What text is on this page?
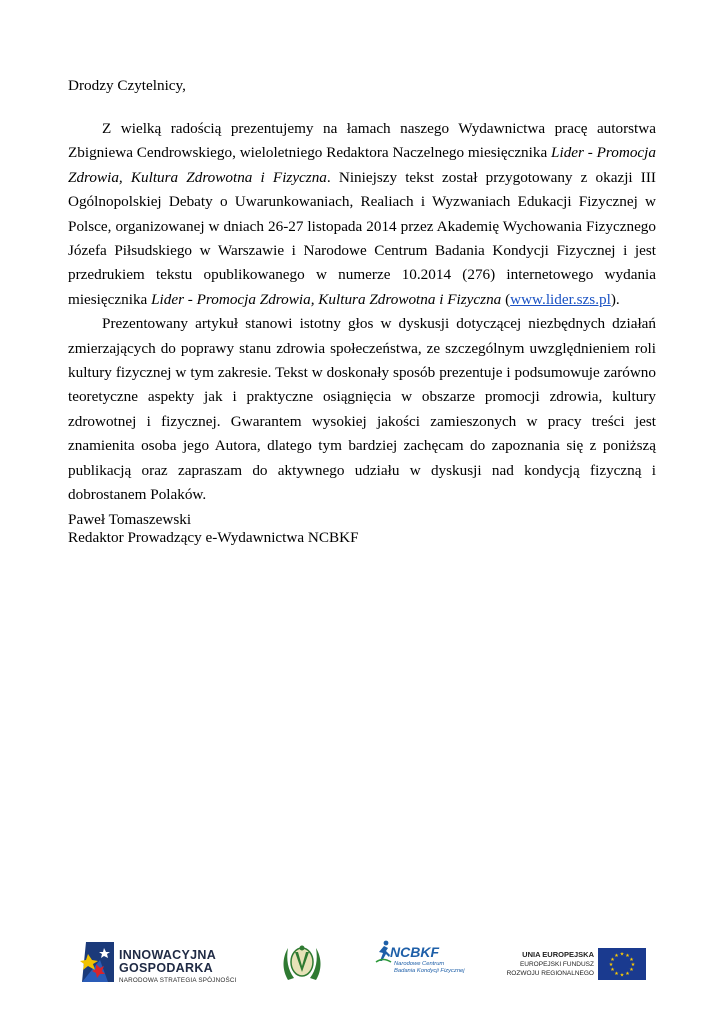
Drodzy Czytelnicy,

Z wielką radością prezentujemy na łamach naszego Wydawnictwa pracę autorstwa Zbigniewa Cendrowskiego, wieloletniego Redaktora Naczelnego miesięcznika Lider - Promocja Zdrowia, Kultura Zdrowotna i Fizyczna. Niniejszy tekst został przygotowany z okazji III Ogólnopolskiej Debaty o Uwarunkowaniach, Realiach i Wyzwaniach Edukacji Fizycznej w Polsce, organizowanej w dniach 26-27 listopada 2014 przez Akademię Wychowania Fizycznego Józefa Piłsudskiego w Warszawie i Narodowe Centrum Badania Kondycji Fizycznej i jest przedrukiem tekstu opublikowanego w numerze 10.2014 (276) internetowego wydania miesięcznika Lider - Promocja Zdrowia, Kultura Zdrowotna i Fizyczna (www.lider.szs.pl).

Prezentowany artykuł stanowi istotny głos w dyskusji dotyczącej niezbędnych działań zmierzających do poprawy stanu zdrowia społeczeństwa, ze szczególnym uwzględnieniem roli kultury fizycznej w tym zakresie. Tekst w doskonały sposób prezentuje i podsumowuje zarówno teoretyczne aspekty jak i praktyczne osiągnięcia w obszarze promocji zdrowia, kultury zdrowotnej i fizycznej. Gwarantem wysokiej jakości zamieszonych w pracy treści jest znamienita osoba jego Autora, dlatego tym bardziej zachęcam do zapoznania się z poniższą publikacją oraz zapraszam do aktywnego udziału w dyskusji nad kondycją fizyczną i dobrostanem Polaków.

Paweł Tomaszewski
Redaktor Prowadzący e-Wydawnictwa NCBKF
INNOWACYJNA
GOSPODARKA
NARODOWA STRATEGIA SPÓJNOŚCI
NCBKF
Narodowe Centrum
Badania Kondycji Fizycznej
UNIA EUROPEJSKA
EUROPEJSKI FUNDUSZ
ROZWOJU REGIONALNEGO
★ ★
★
★
★
★
★
★
★
★
★
★
